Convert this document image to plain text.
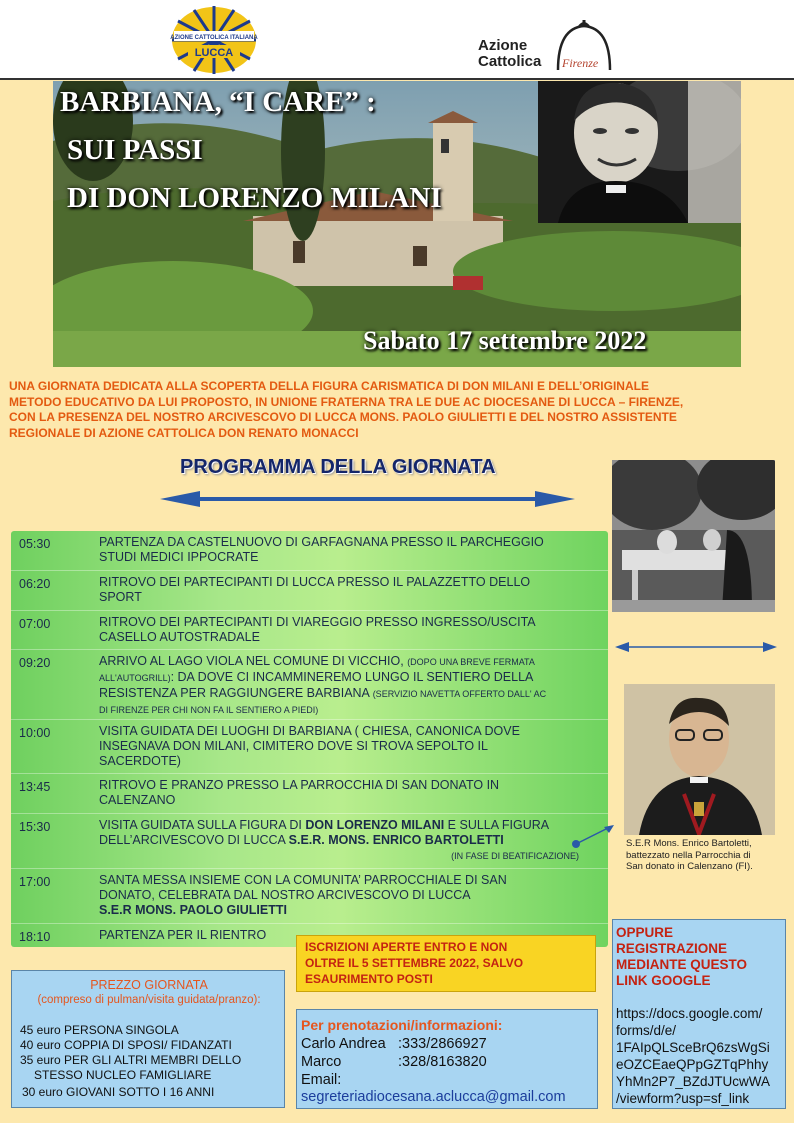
AZIONE CATTOLICA ITALIANA
LUCCA	Azione
Cattolica Firenze
BARBIANA, “I CARE” :
SUI PASSI
DI DON LORENZO MILANI
Sabato 17 settembre 2022
UNA GIORNATA DEDICATA ALLA SCOPERTA DELLA FIGURA CARISMATICA DI DON MILANI E DELL’ORIGINALE
METODO EDUCATIVO DA LUI PROPOSTO, IN UNIONE FRATERNA TRA LE DUE AC DIOCESANE DI LUCCA – FIRENZE,
CON LA PRESENZA DEL NOSTRO ARCIVESCOVO DI LUCCA MONS. PAOLO GIULIETTI E DEL NOSTRO ASSISTENTE
REGIONALE DI AZIONE CATTOLICA DON RENATO MONACCI
PROGRAMMA DELLA GIORNATA
05:30	PARTENZA DA CASTELNUOVO DI GARFAGNANA PRESSO IL PARCHEGGIO
STUDI MEDICI IPPOCRATE
06:20	RITROVO DEI PARTECIPANTI DI LUCCA PRESSO IL PALAZZETTO DELLO
SPORT
07:00	RITROVO DEI PARTECIPANTI DI VIAREGGIO PRESSO INGRESSO/USCITA
CASELLO AUTOSTRADALE
09:20	ARRIVO AL LAGO VIOLA NEL COMUNE DI VICCHIO, (DOPO UNA BREVE FERMATA
ALL'AUTOGRILL): DA DOVE CI INCAMMINEREMO LUNGO IL SENTIERO DELLA
RESISTENZA PER RAGGIUNGERE BARBIANA (SERVIZIO NAVETTA OFFERTO DALL' AC
DI FIRENZE PER CHI NON FA IL SENTIERO A PIEDI)
10:00	VISITA GUIDATA DEI LUOGHI DI BARBIANA ( CHIESA, CANONICA DOVE
INSEGNAVA DON MILANI, CIMITERO DOVE SI TROVA SEPOLTO IL
SACERDOTE)
13:45	RITROVO E PRANZO PRESSO LA PARROCCHIA DI SAN DONATO IN
CALENZANO
15:30	VISITA GUIDATA SULLA FIGURA DI DON LORENZO MILANI E SULLA FIGURA
DELL’ARCIVESCOVO DI LUCCA S.E.R. MONS. ENRICO BARTOLETTI
(IN FASE DI BEATIFICAZIONE)
17:00	SANTA MESSA INSIEME CON LA COMUNITA’ PARROCCHIALE DI SAN
DONATO, CELEBRATA DAL NOSTRO ARCIVESCOVO DI LUCCA
S.E.R MONS. PAOLO GIULIETTI
18:10	PARTENZA PER IL RIENTRO
S.E.R Mons. Enrico Bartoletti,
battezzato nella Parrocchia di
San donato in Calenzano (FI).
ISCRIZIONI APERTE ENTRO E NON
OLTRE IL 5 SETTEMBRE 2022, SALVO
ESAURIMENTO POSTI
PREZZO GIORNATA
(compreso di pulman/visita guidata/pranzo):
45 euro PERSONA SINGOLA
40 euro COPPIA DI SPOSI/ FIDANZATI
35 euro PER GLI ALTRI MEMBRI DELLO
STESSO NUCLEO FAMIGLIARE
30 euro GIOVANI SOTTO I 16 ANNI
Per prenotazioni/informazioni:
Carlo Andrea :333/2866927
Marco	:328/8163820
Email:
segreteriadiocesana.aclucca@gmail.com
OPPURE
REGISTRAZIONE
MEDIANTE QUESTO
LINK GOOGLE
https://docs.google.com/
forms/d/e/
1FAIpQLSceBrQ6zsWgSi
eOZCEaeQPpGZTqPhhy
YhMn2P7_BZdJTUcwWA
/viewform?usp=sf_link
